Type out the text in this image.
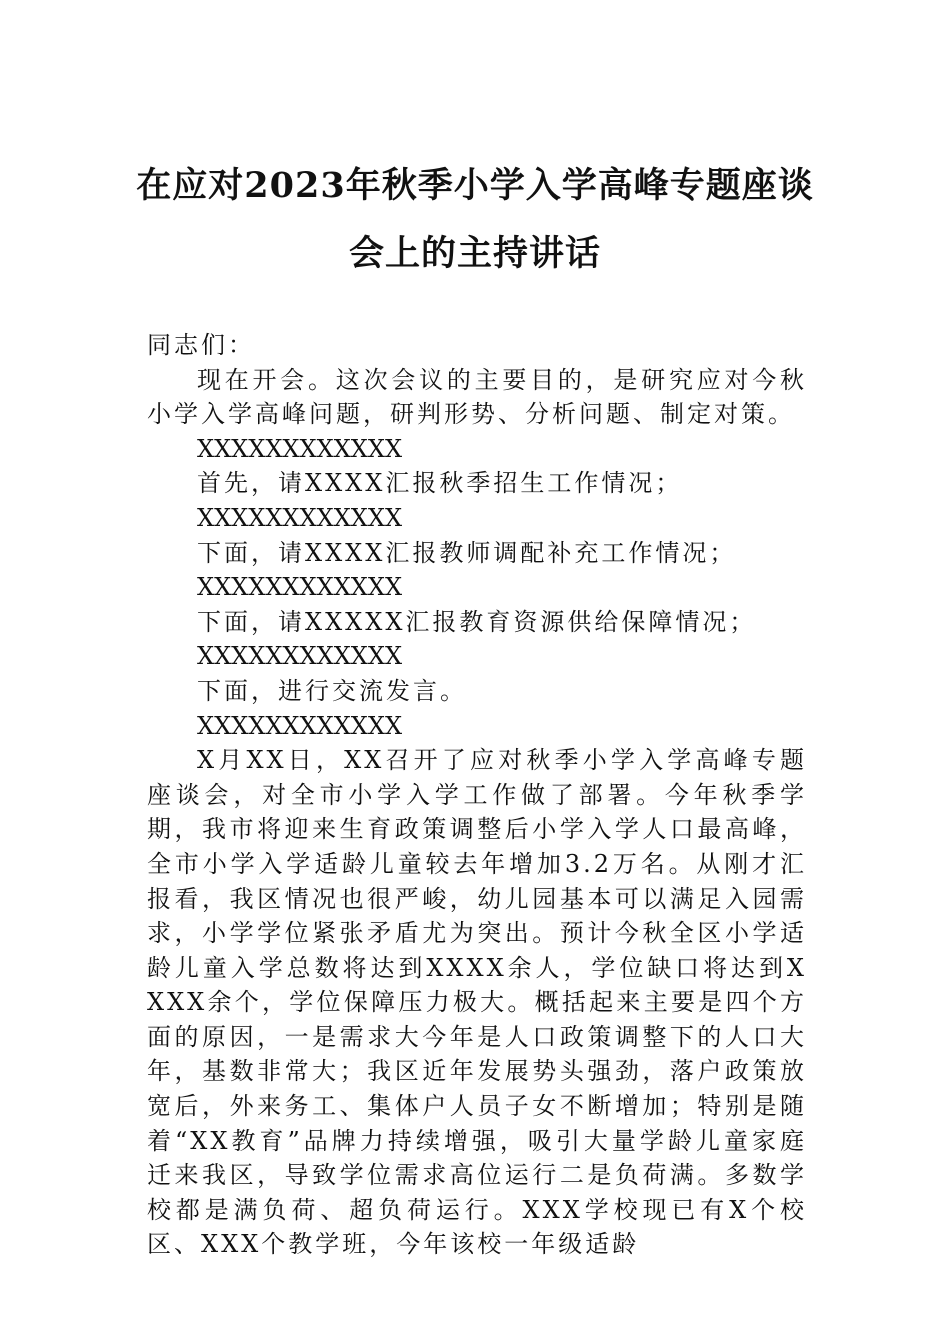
在应对2023年秋季小学入学高峰专题座谈
会上的主持讲话

同志们：

现在开会。这次会议的主要目的，是研究应对今秋小学入学高峰问题，研判形势、分析问题、制定对策。

XXXXXXXXXXXX

首先，请XXXX汇报秋季招生工作情况；

XXXXXXXXXXXX

下面，请XXXX汇报教师调配补充工作情况；

XXXXXXXXXXXX

下面，请XXXXX汇报教育资源供给保障情况；

XXXXXXXXXXXX

下面，进行交流发言。

XXXXXXXXXXXX

X月XX日，XX召开了应对秋季小学入学高峰专题座谈会，对全市小学入学工作做了部署。今年秋季学期，我市将迎来生育政策调整后小学入学人口最高峰，全市小学入学适龄儿童较去年增加3.2万名。从刚才汇报看，我区情况也很严峻，幼儿园基本可以满足入园需求，小学学位紧张矛盾尤为突出。预计今秋全区小学适龄儿童入学总数将达到XXXX余人，学位缺口将达到XXXX余个，学位保障压力极大。概括起来主要是四个方面的原因，一是需求大今年是人口政策调整下的人口大年，基数非常大；我区近年发展势头强劲，落户政策放宽后，外来务工、集体户人员子女不断增加；特别是随着“XX教育”品牌力持续增强，吸引大量学龄儿童家庭迁来我区，导致学位需求高位运行二是负荷满。多数学校都是满负荷、超负荷运行。XXX学校现已有X个校区、XXX个教学班，今年该校一年级适龄
